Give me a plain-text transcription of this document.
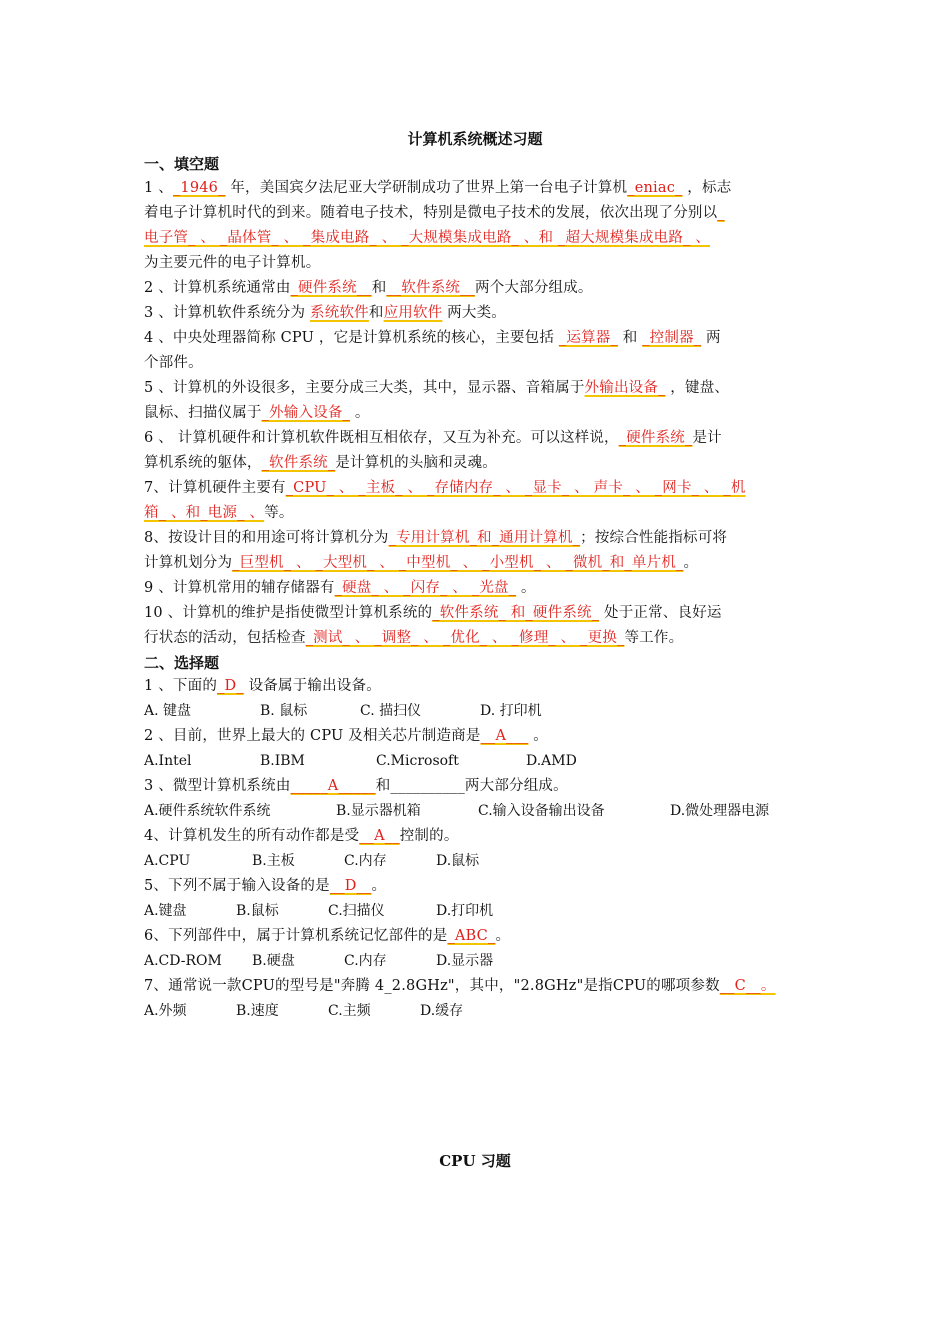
计算机系统概述习题
一、填空题
1 、_1946_ 年，美国宾夕法尼亚大学研制成功了世界上第一台电子计算机_eniac_ ，标志
着电子计算机时代的到来。随着电子技术，特别是微电子技术的发展，依次出现了分别以_
电子管_ 、 _晶体管_ 、 _集成电路_ 、 _大规模集成电路_ 、和 _超大规模集成电路_ 、
为主要元件的电子计算机。
2 、计算机系统通常由_硬件系统__和__软件系统__两个大部分组成。
3 、计算机软件系统分为 系统软件和应用软件 两大类。
4 、中央处理器简称 CPU ，它是计算机系统的核心，主要包括 _运算器_ 和 _控制器_ 两
个部件。
5 、计算机的外设很多，主要分成三大类，其中，显示器、音箱属于外输出设备_ ，键盘、
鼠标、扫描仪属于_外输入设备_ 。
6 、 计算机硬件和计算机软件既相互相依存，又互为补充。可以这样说，_硬件系统_是计
算机系统的躯体，_软件系统_是计算机的头脑和灵魂。
7、计算机硬件主要有_CPU_ 、 _主板_ 、 _存储内存_ 、 _显卡_ 、 声卡_ 、 _网卡_ 、 _机
箱_ 、和_电源_ 、等。
8、按设计目的和用途可将计算机分为_专用计算机_和_通用计算机_；按综合性能指标可将
计算机划分为_巨型机_ 、 _大型机_ 、 _中型机_ 、 _小型机_ 、 _微机_和_单片机_。
9 、计算机常用的辅存储器有_硬盘_ 、 _闪存_ 、 _光盘_ 。
10 、计算机的维护是指使微型计算机系统的_软件系统_ 和_硬件系统_ 处于正常、良好运
行状态的活动，包括检查_测试_ 、 _调整_ 、 _优化_ 、 _修理_ 、 _更换_等工作。
二、选择题
1 、下面的_D_ 设备属于输出设备。
A. 键盘	B. 鼠标	C. 描扫仪	D. 打印机
2 、目前，世界上最大的 CPU 及相关芯片制造商是__A___ 。
A.Intel	B.IBM	C.Microsoft	D.AMD
3 、微型计算机系统由_____A_____和__________两大部分组成。
A.硬件系统软件系统	B.显示器机箱	C.输入设备输出设备	D.微处理器电源
4、计算机发生的所有动作都是受__A__控制的。
A.CPU	B.主板	C.内存	D.鼠标
5、下列不属于输入设备的是__D__。
A.键盘	B.鼠标	C.扫描仪	D.打印机
6、下列部件中，属于计算机系统记忆部件的是_ABC_。
A.CD-ROM B.硬盘	C.内存	D.显示器
7、通常说一款CPU的型号是"奔腾 4_2.8GHz"，其中，"2.8GHz"是指CPU的哪项参数__C__。
A.外频	B.速度	C.主频	D.缓存
CPU 习题
